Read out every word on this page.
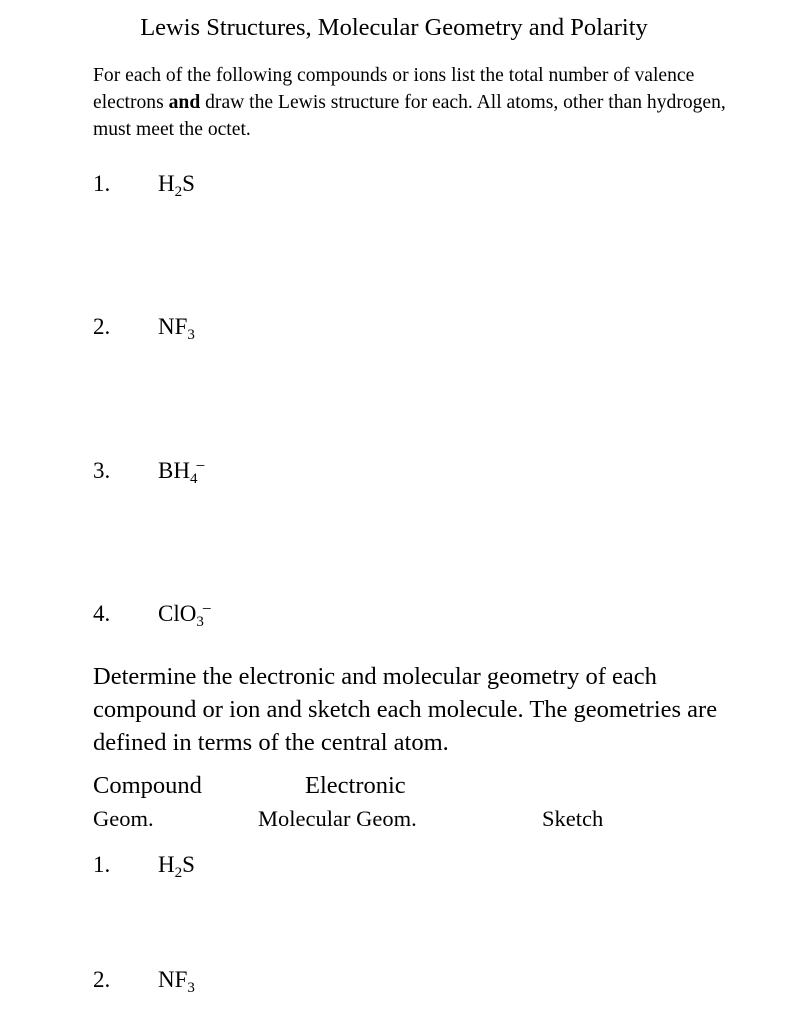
Lewis Structures, Molecular Geometry and Polarity
For each of the following compounds or ions list the total number of valence electrons and draw the Lewis structure for each. All atoms, other than hydrogen, must meet the octet.
1. $H_2S$
2. $NF_3$
3. $BH_4^-$
4. ClO$_3$−
Determine the electronic and molecular geometry of each compound or ion and sketch each molecule. The geometries are defined in terms of the central atom.
Compound	Electronic
Geom.	Molecular Geom.	Sketch
1. $H_2S$
2. $NF_3$
